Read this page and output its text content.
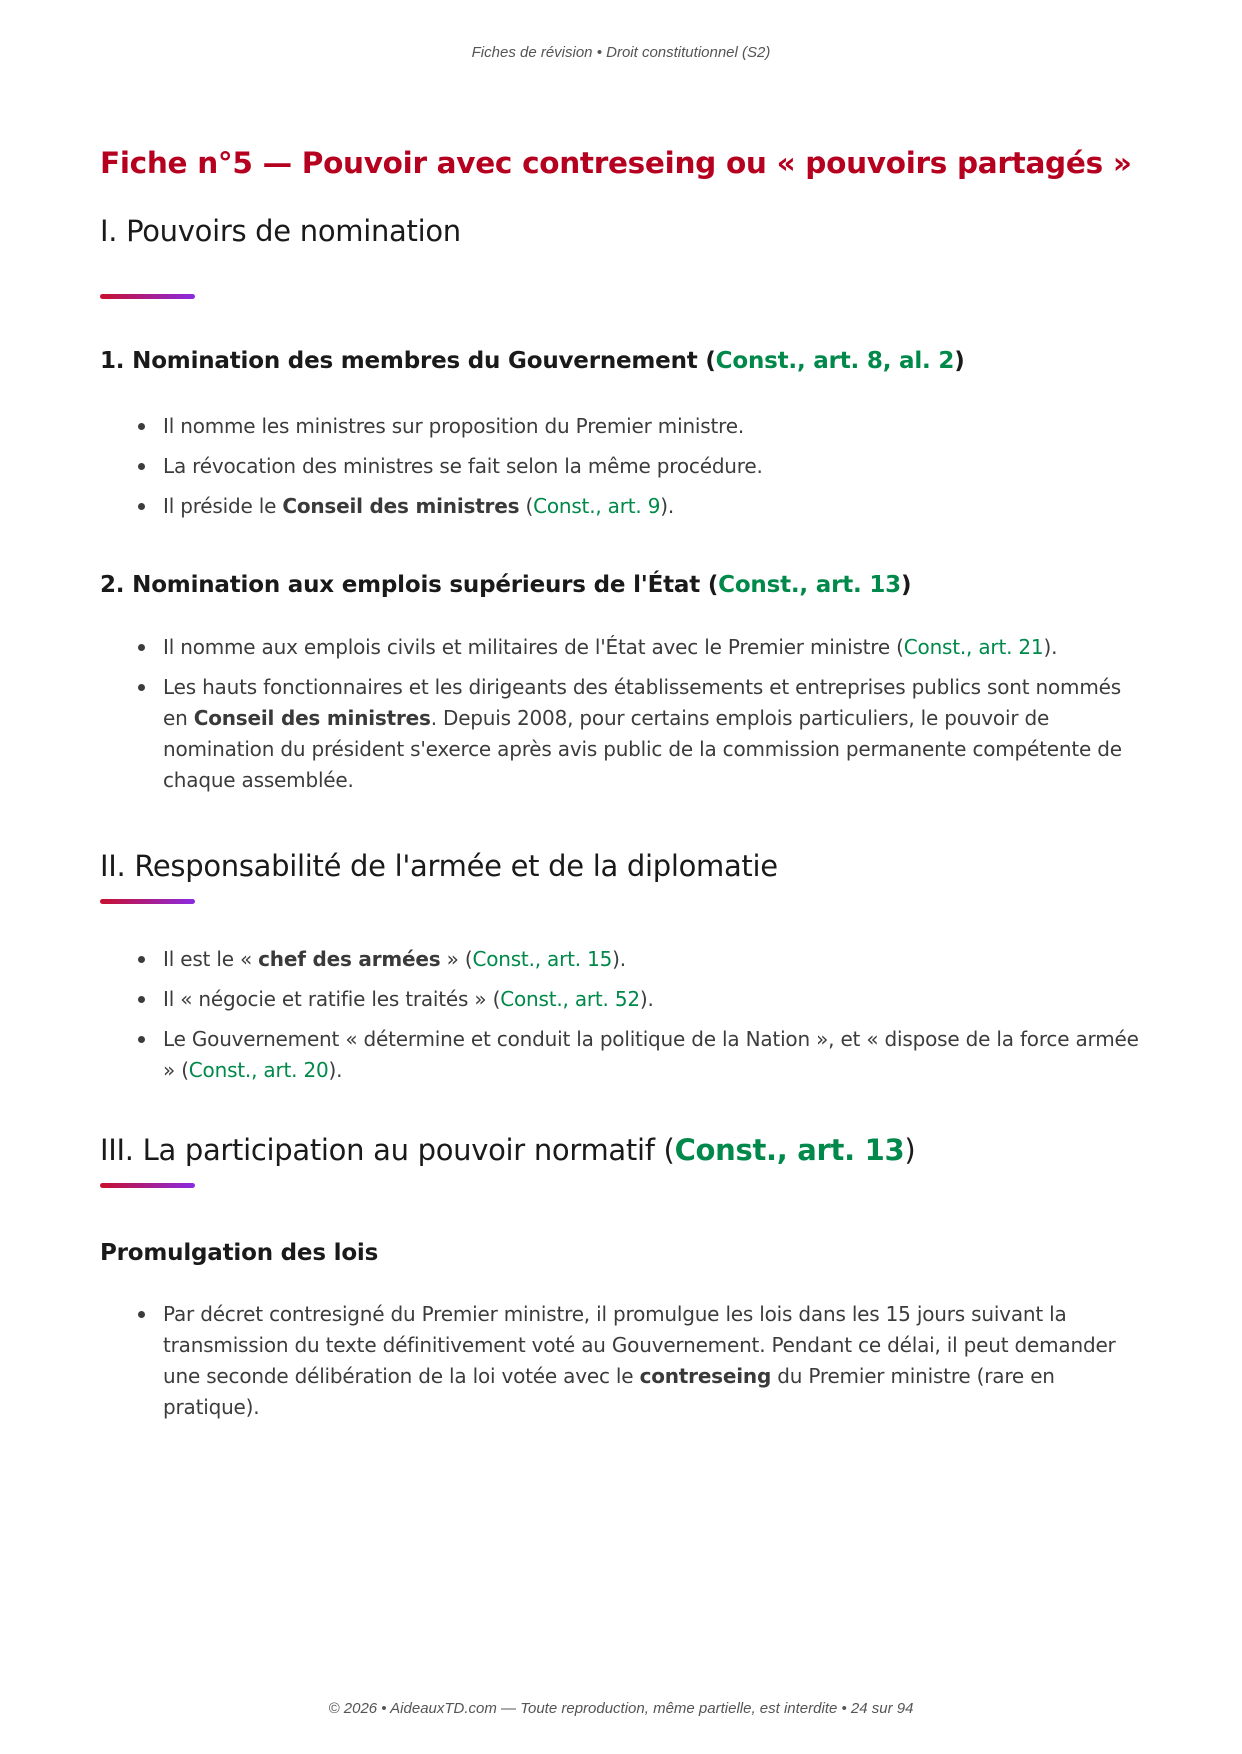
Fiches de révision • Droit constitutionnel (S2)
Fiche n°5 — Pouvoir avec contreseing ou « pouvoirs partagés »
I. Pouvoirs de nomination
1. Nomination des membres du Gouvernement (Const., art. 8, al. 2)
Il nomme les ministres sur proposition du Premier ministre.
La révocation des ministres se fait selon la même procédure.
Il préside le Conseil des ministres (Const., art. 9).
2. Nomination aux emplois supérieurs de l'État (Const., art. 13)
Il nomme aux emplois civils et militaires de l'État avec le Premier ministre (Const., art. 21).
Les hauts fonctionnaires et les dirigeants des établissements et entreprises publics sont nommés en Conseil des ministres. Depuis 2008, pour certains emplois particuliers, le pouvoir de nomination du président s'exerce après avis public de la commission permanente compétente de chaque assemblée.
II. Responsabilité de l'armée et de la diplomatie
Il est le « chef des armées » (Const., art. 15).
Il « négocie et ratifie les traités » (Const., art. 52).
Le Gouvernement « détermine et conduit la politique de la Nation », et « dispose de la force armée » (Const., art. 20).
III. La participation au pouvoir normatif (Const., art. 13)
Promulgation des lois
Par décret contresigné du Premier ministre, il promulgue les lois dans les 15 jours suivant la transmission du texte définitivement voté au Gouvernement. Pendant ce délai, il peut demander une seconde délibération de la loi votée avec le contreseing du Premier ministre (rare en pratique).
© 2026 • AideauxTD.com — Toute reproduction, même partielle, est interdite • 24 sur 94
